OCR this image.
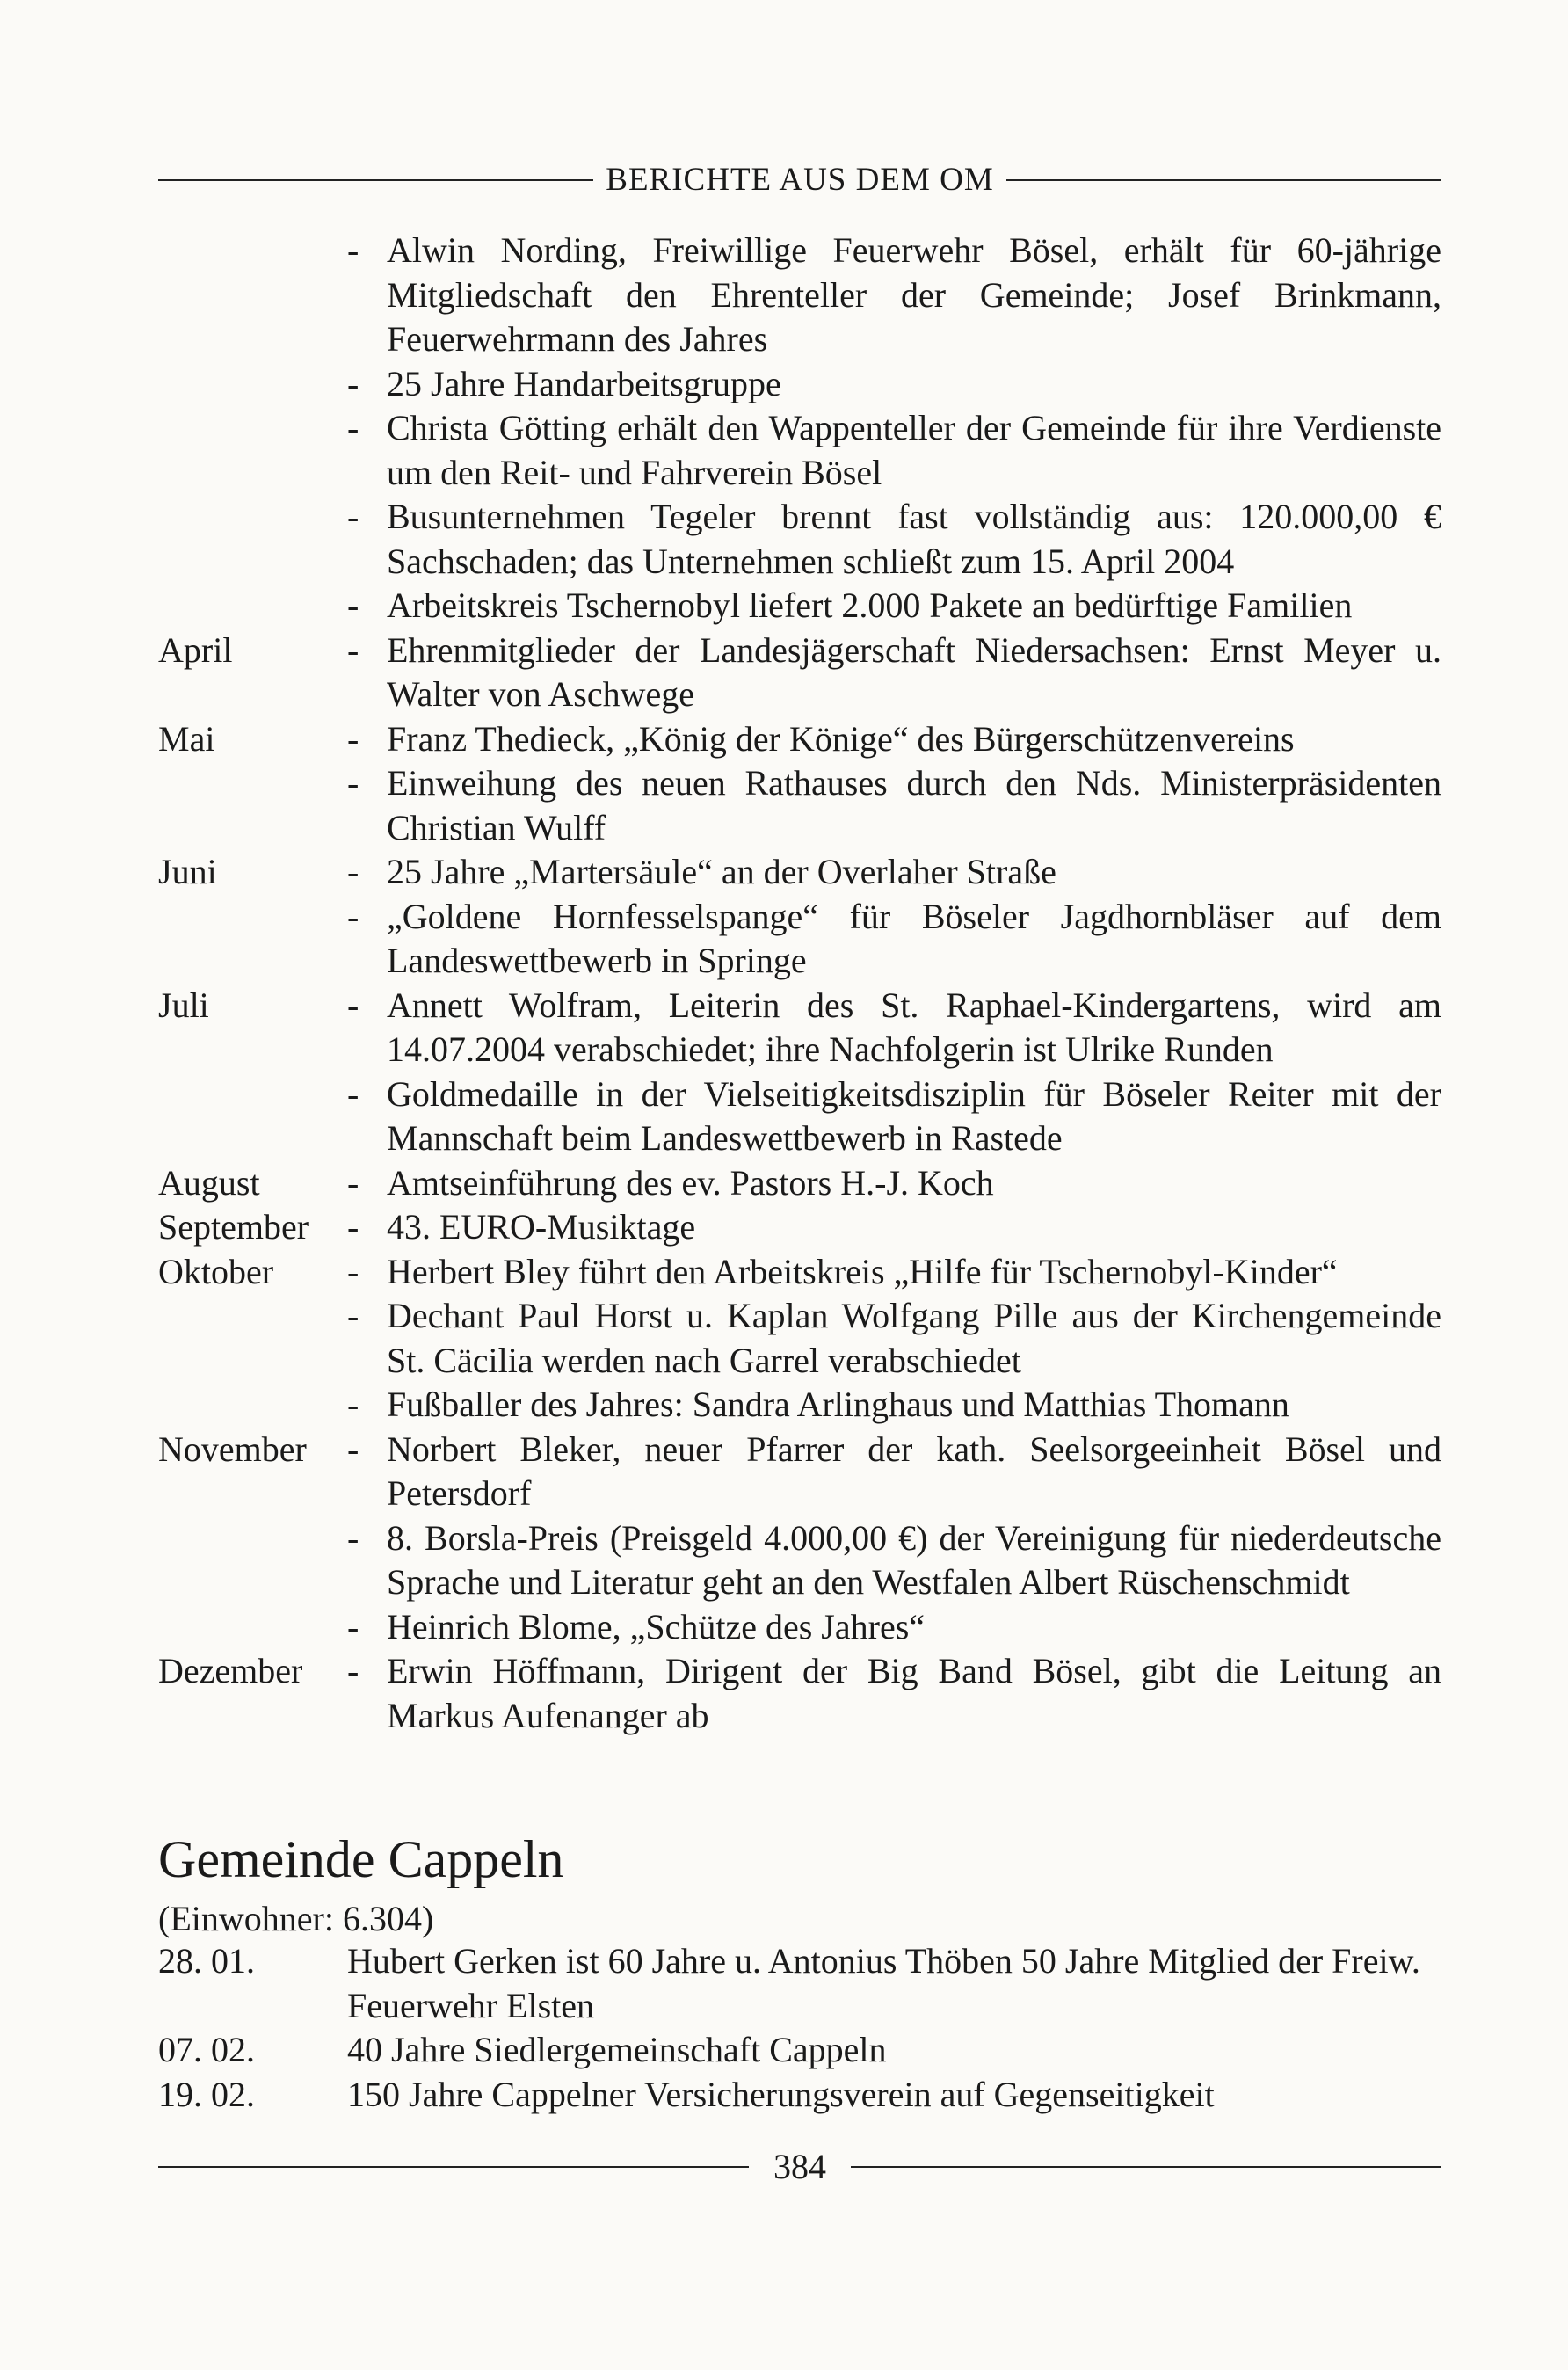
BERICHTE AUS DEM OM
- Alwin Nording, Freiwillige Feuerwehr Bösel, erhält für 60-jährige Mitgliedschaft den Ehrenteller der Gemeinde; Josef Brinkmann, Feuerwehrmann des Jahres
- 25 Jahre Handarbeitsgruppe
- Christa Götting erhält den Wappenteller der Gemeinde für ihre Verdienste um den Reit- und Fahrverein Bösel
- Busunternehmen Tegeler brennt fast vollständig aus: 120.000,00 € Sachschaden; das Unternehmen schließt zum 15. April 2004
- Arbeitskreis Tschernobyl liefert 2.000 Pakete an bedürftige Familien
April	- Ehrenmitglieder der Landesjägerschaft Niedersachsen: Ernst Meyer u. Walter von Aschwege
Mai	- Franz Thedieck, „König der Könige“ des Bürgerschützenvereins
- Einweihung des neuen Rathauses durch den Nds. Ministerpräsidenten Christian Wulff
Juni	- 25 Jahre „Martersäule“ an der Overlaher Straße
- „Goldene Hornfesselspange“ für Böseler Jagdhornbläser auf dem Landeswettbewerb in Springe
Juli	- Annett Wolfram, Leiterin des St. Raphael-Kindergartens, wird am 14.07.2004 verabschiedet; ihre Nachfolgerin ist Ulrike Runden
- Goldmedaille in der Vielseitigkeitsdisziplin für Böseler Reiter mit der Mannschaft beim Landeswettbewerb in Rastede
August	- Amtseinführung des ev. Pastors H.-J. Koch
September	- 43. EURO-Musiktage
Oktober	- Herbert Bley führt den Arbeitskreis „Hilfe für Tschernobyl-Kinder“
- Dechant Paul Horst u. Kaplan Wolfgang Pille aus der Kirchengemeinde St. Cäcilia werden nach Garrel verabschiedet
- Fußballer des Jahres: Sandra Arlinghaus und Matthias Thomann
November	- Norbert Bleker, neuer Pfarrer der kath. Seelsorgeeinheit Bösel und Petersdorf
- 8. Borsla-Preis (Preisgeld 4.000,00 €) der Vereinigung für niederdeutsche Sprache und Literatur geht an den Westfalen Albert Rüschenschmidt
- Heinrich Blome, „Schütze des Jahres“
Dezember	- Erwin Höffmann, Dirigent der Big Band Bösel, gibt die Leitung an Markus Aufenanger ab
Gemeinde Cappeln
(Einwohner: 6.304)
28. 01.	Hubert Gerken ist 60 Jahre u. Antonius Thöben 50 Jahre Mitglied der Freiw. Feuerwehr Elsten
07. 02.	40 Jahre Siedlergemeinschaft Cappeln
19. 02.	150 Jahre Cappelner Versicherungsverein auf Gegenseitigkeit
384
